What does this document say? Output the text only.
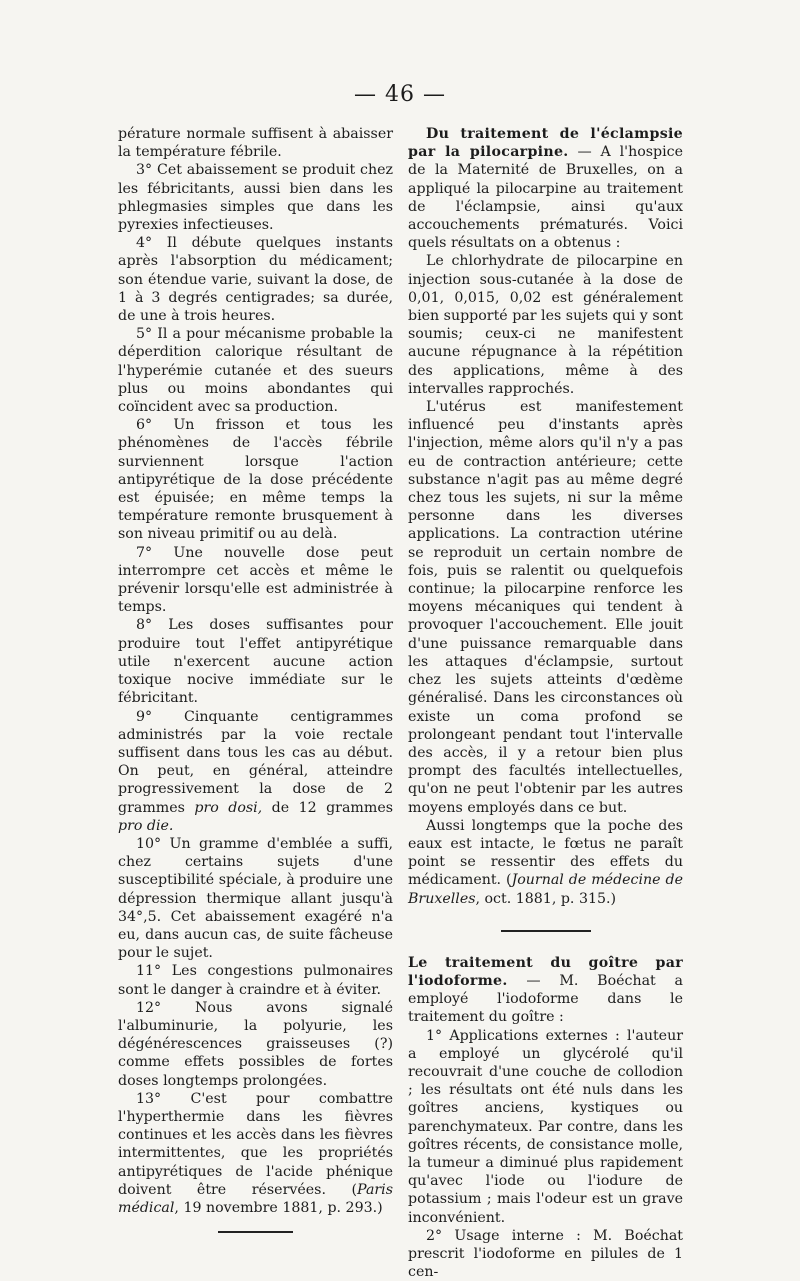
— 46 —

pérature normale suffisent à abaisser la température fébrile.

3° Cet abaissement se produit chez les fébricitants, aussi bien dans les phlegmasies simples que dans les pyrexies infectieuses.

4° Il débute quelques instants après l'absorption du médicament; son étendue varie, suivant la dose, de 1 à 3 degrés centigrades; sa durée, de une à trois heures.

5° Il a pour mécanisme probable la déperdition calorique résultant de l'hyperémie cutanée et des sueurs plus ou moins abondantes qui coïncident avec sa production.

6° Un frisson et tous les phénomènes de l'accès fébrile surviennent lorsque l'action antipyrétique de la dose précédente est épuisée; en même temps la température remonte brusquement à son niveau primitif ou au delà.

7° Une nouvelle dose peut interrompre cet accès et même le prévenir lorsqu'elle est administrée à temps.

8° Les doses suffisantes pour produire tout l'effet antipyrétique utile n'exercent aucune action toxique nocive immédiate sur le fébricitant.

9° Cinquante centigrammes administrés par la voie rectale suffisent dans tous les cas au début. On peut, en général, atteindre progressivement la dose de 2 grammes pro dosi, de 12 grammes pro die.

10° Un gramme d'emblée a suffi, chez certains sujets d'une susceptibilité spéciale, à produire une dépression thermique allant jusqu'à 34°,5. Cet abaissement exagéré n'a eu, dans aucun cas, de suite fâcheuse pour le sujet.

11° Les congestions pulmonaires sont le danger à craindre et à éviter.

12° Nous avons signalé l'albuminurie, la polyurie, les dégénérescences graisseuses (?) comme effets possibles de fortes doses longtemps prolongées.

13° C'est pour combattre l'hyperthermie dans les fièvres continues et les accès dans les fièvres intermittentes, que les propriétés antipyrétiques de l'acide phénique doivent être réservées. (Paris médical, 19 novembre 1881, p. 293.)

Du traitement de l'éclampsie par la pilocarpine. — A l'hospice de la Maternité de Bruxelles, on a appliqué la pilocarpine au traitement de l'éclampsie, ainsi qu'aux accouchements prématurés. Voici quels résultats on a obtenus :

Le chlorhydrate de pilocarpine en injection sous-cutanée à la dose de 0,01, 0,015, 0,02 est généralement bien supporté par les sujets qui y sont soumis; ceux-ci ne manifestent aucune répugnance à la répétition des applications, même à des intervalles rapprochés.

L'utérus est manifestement influencé peu d'instants après l'injection, même alors qu'il n'y a pas eu de contraction antérieure; cette substance n'agit pas au même degré chez tous les sujets, ni sur la même personne dans les diverses applications. La contraction utérine se reproduit un certain nombre de fois, puis se ralentit ou quelquefois continue; la pilocarpine renforce les moyens mécaniques qui tendent à provoquer l'accouchement. Elle jouit d'une puissance remarquable dans les attaques d'éclampsie, surtout chez les sujets atteints d'œdème généralisé. Dans les circonstances où existe un coma profond se prolongeant pendant tout l'intervalle des accès, il y a retour bien plus prompt des facultés intellectuelles, qu'on ne peut l'obtenir par les autres moyens employés dans ce but.

Aussi longtemps que la poche des eaux est intacte, le fœtus ne paraît point se ressentir des effets du médicament. (Journal de médecine de Bruxelles, oct. 1881, p. 315.)

Le traitement du goître par l'iodoforme. — M. Boéchat a employé l'iodoforme dans le traitement du goître :

1° Applications externes : l'auteur a employé un glycérolé qu'il recouvrait d'une couche de collodion ; les résultats ont été nuls dans les goîtres anciens, kystiques ou parenchymateux. Par contre, dans les goîtres récents, de consistance molle, la tumeur a diminué plus rapidement qu'avec l'iode ou l'iodure de potassium ; mais l'odeur est un grave inconvénient.

2° Usage interne : M. Boéchat prescrit l'iodoforme en pilules de 1 cen-
